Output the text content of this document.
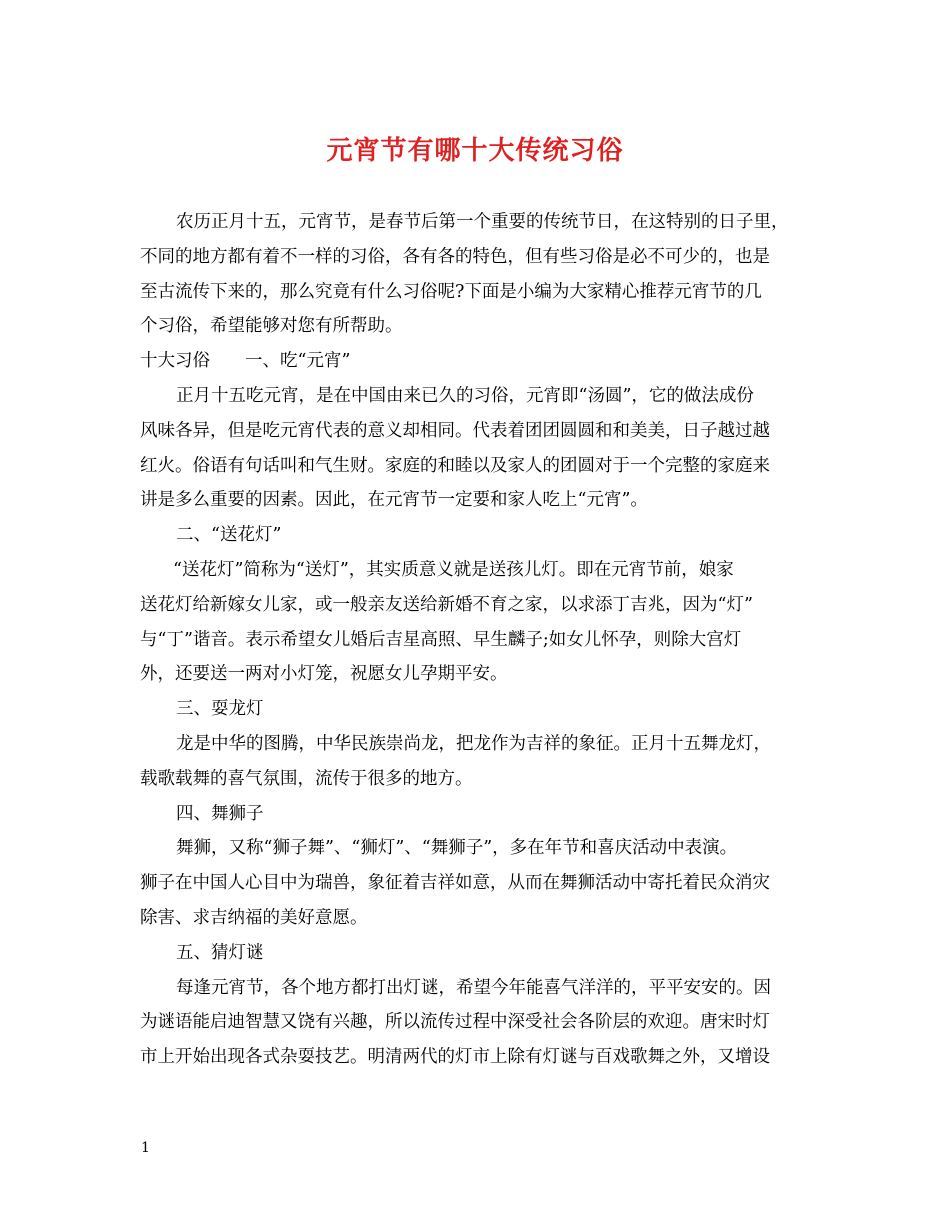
元宵节有哪十大传统习俗
农历正月十五，元宵节，是春节后第一个重要的传统节日，在这特别的日子里，
不同的地方都有着不一样的习俗，各有各的特色，但有些习俗是必不可少的，也是
至古流传下来的，那么究竟有什么习俗呢?下面是小编为大家精心推荐元宵节的几
个习俗，希望能够对您有所帮助。
十大习俗　　一、吃“元宵”
正月十五吃元宵，是在中国由来已久的习俗，元宵即“汤圆”，它的做法成份
风味各异，但是吃元宵代表的意义却相同。代表着团团圆圆和和美美，日子越过越
红火。俗语有句话叫和气生财。家庭的和睦以及家人的团圆对于一个完整的家庭来
讲是多么重要的因素。因此，在元宵节一定要和家人吃上“元宵”。
二、“送花灯”
“送花灯”简称为“送灯”，其实质意义就是送孩儿灯。即在元宵节前，娘家
送花灯给新嫁女儿家，或一般亲友送给新婚不育之家，以求添丁吉兆，因为“灯”
与“丁”谐音。表示希望女儿婚后吉星高照、早生麟子;如女儿怀孕，则除大宫灯
外，还要送一两对小灯笼，祝愿女儿孕期平安。
三、耍龙灯
龙是中华的图腾，中华民族崇尚龙，把龙作为吉祥的象征。正月十五舞龙灯，
载歌载舞的喜气氛围，流传于很多的地方。
四、舞狮子
舞狮，又称“狮子舞”、“狮灯”、“舞狮子”，多在年节和喜庆活动中表演。
狮子在中国人心目中为瑞兽，象征着吉祥如意，从而在舞狮活动中寄托着民众消灾
除害、求吉纳福的美好意愿。
五、猜灯谜
每逢元宵节，各个地方都打出灯谜，希望今年能喜气洋洋的，平平安安的。因
为谜语能启迪智慧又饶有兴趣，所以流传过程中深受社会各阶层的欢迎。唐宋时灯
市上开始出现各式杂耍技艺。明清两代的灯市上除有灯谜与百戏歌舞之外，又增设
1
